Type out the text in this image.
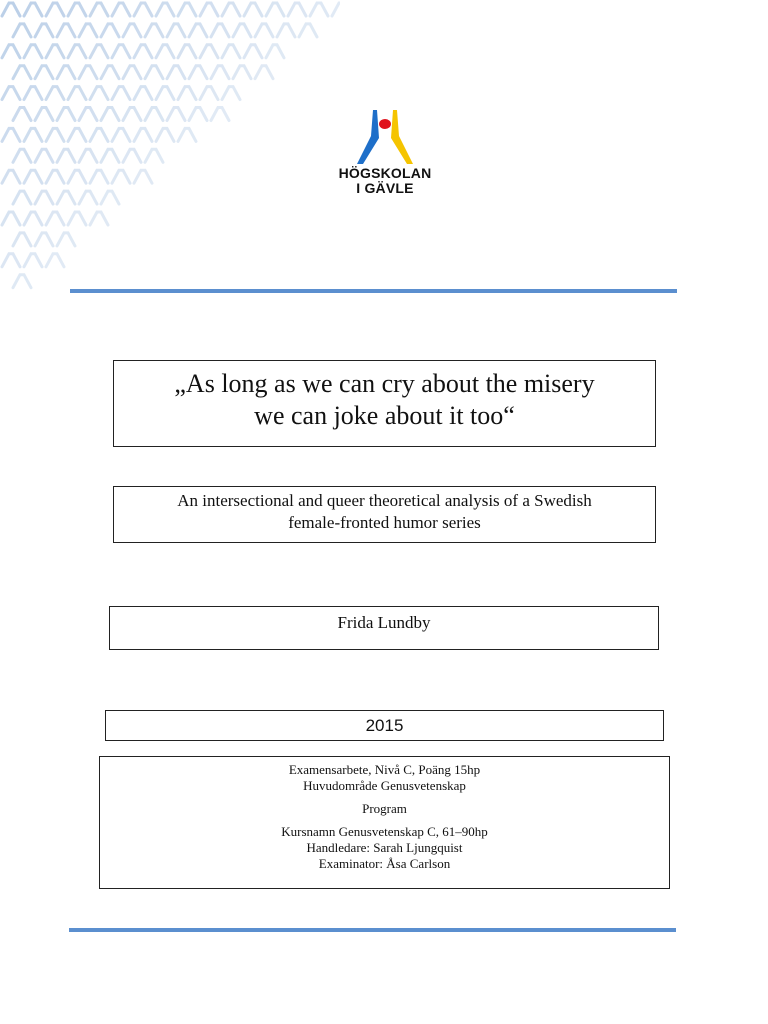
HÖGSKOLAN
I GÄVLE
„As long as we can cry about the misery
we can joke about it too“
An intersectional and queer theoretical analysis of a Swedish
female-fronted humor series
Frida Lundby
2015
Examensarbete, Nivå C, Poäng 15hp
Huvudområde Genusvetenskap
Program
Kursnamn Genusvetenskap C, 61–90hp
Handledare: Sarah Ljungquist
Examinator: Åsa Carlson
